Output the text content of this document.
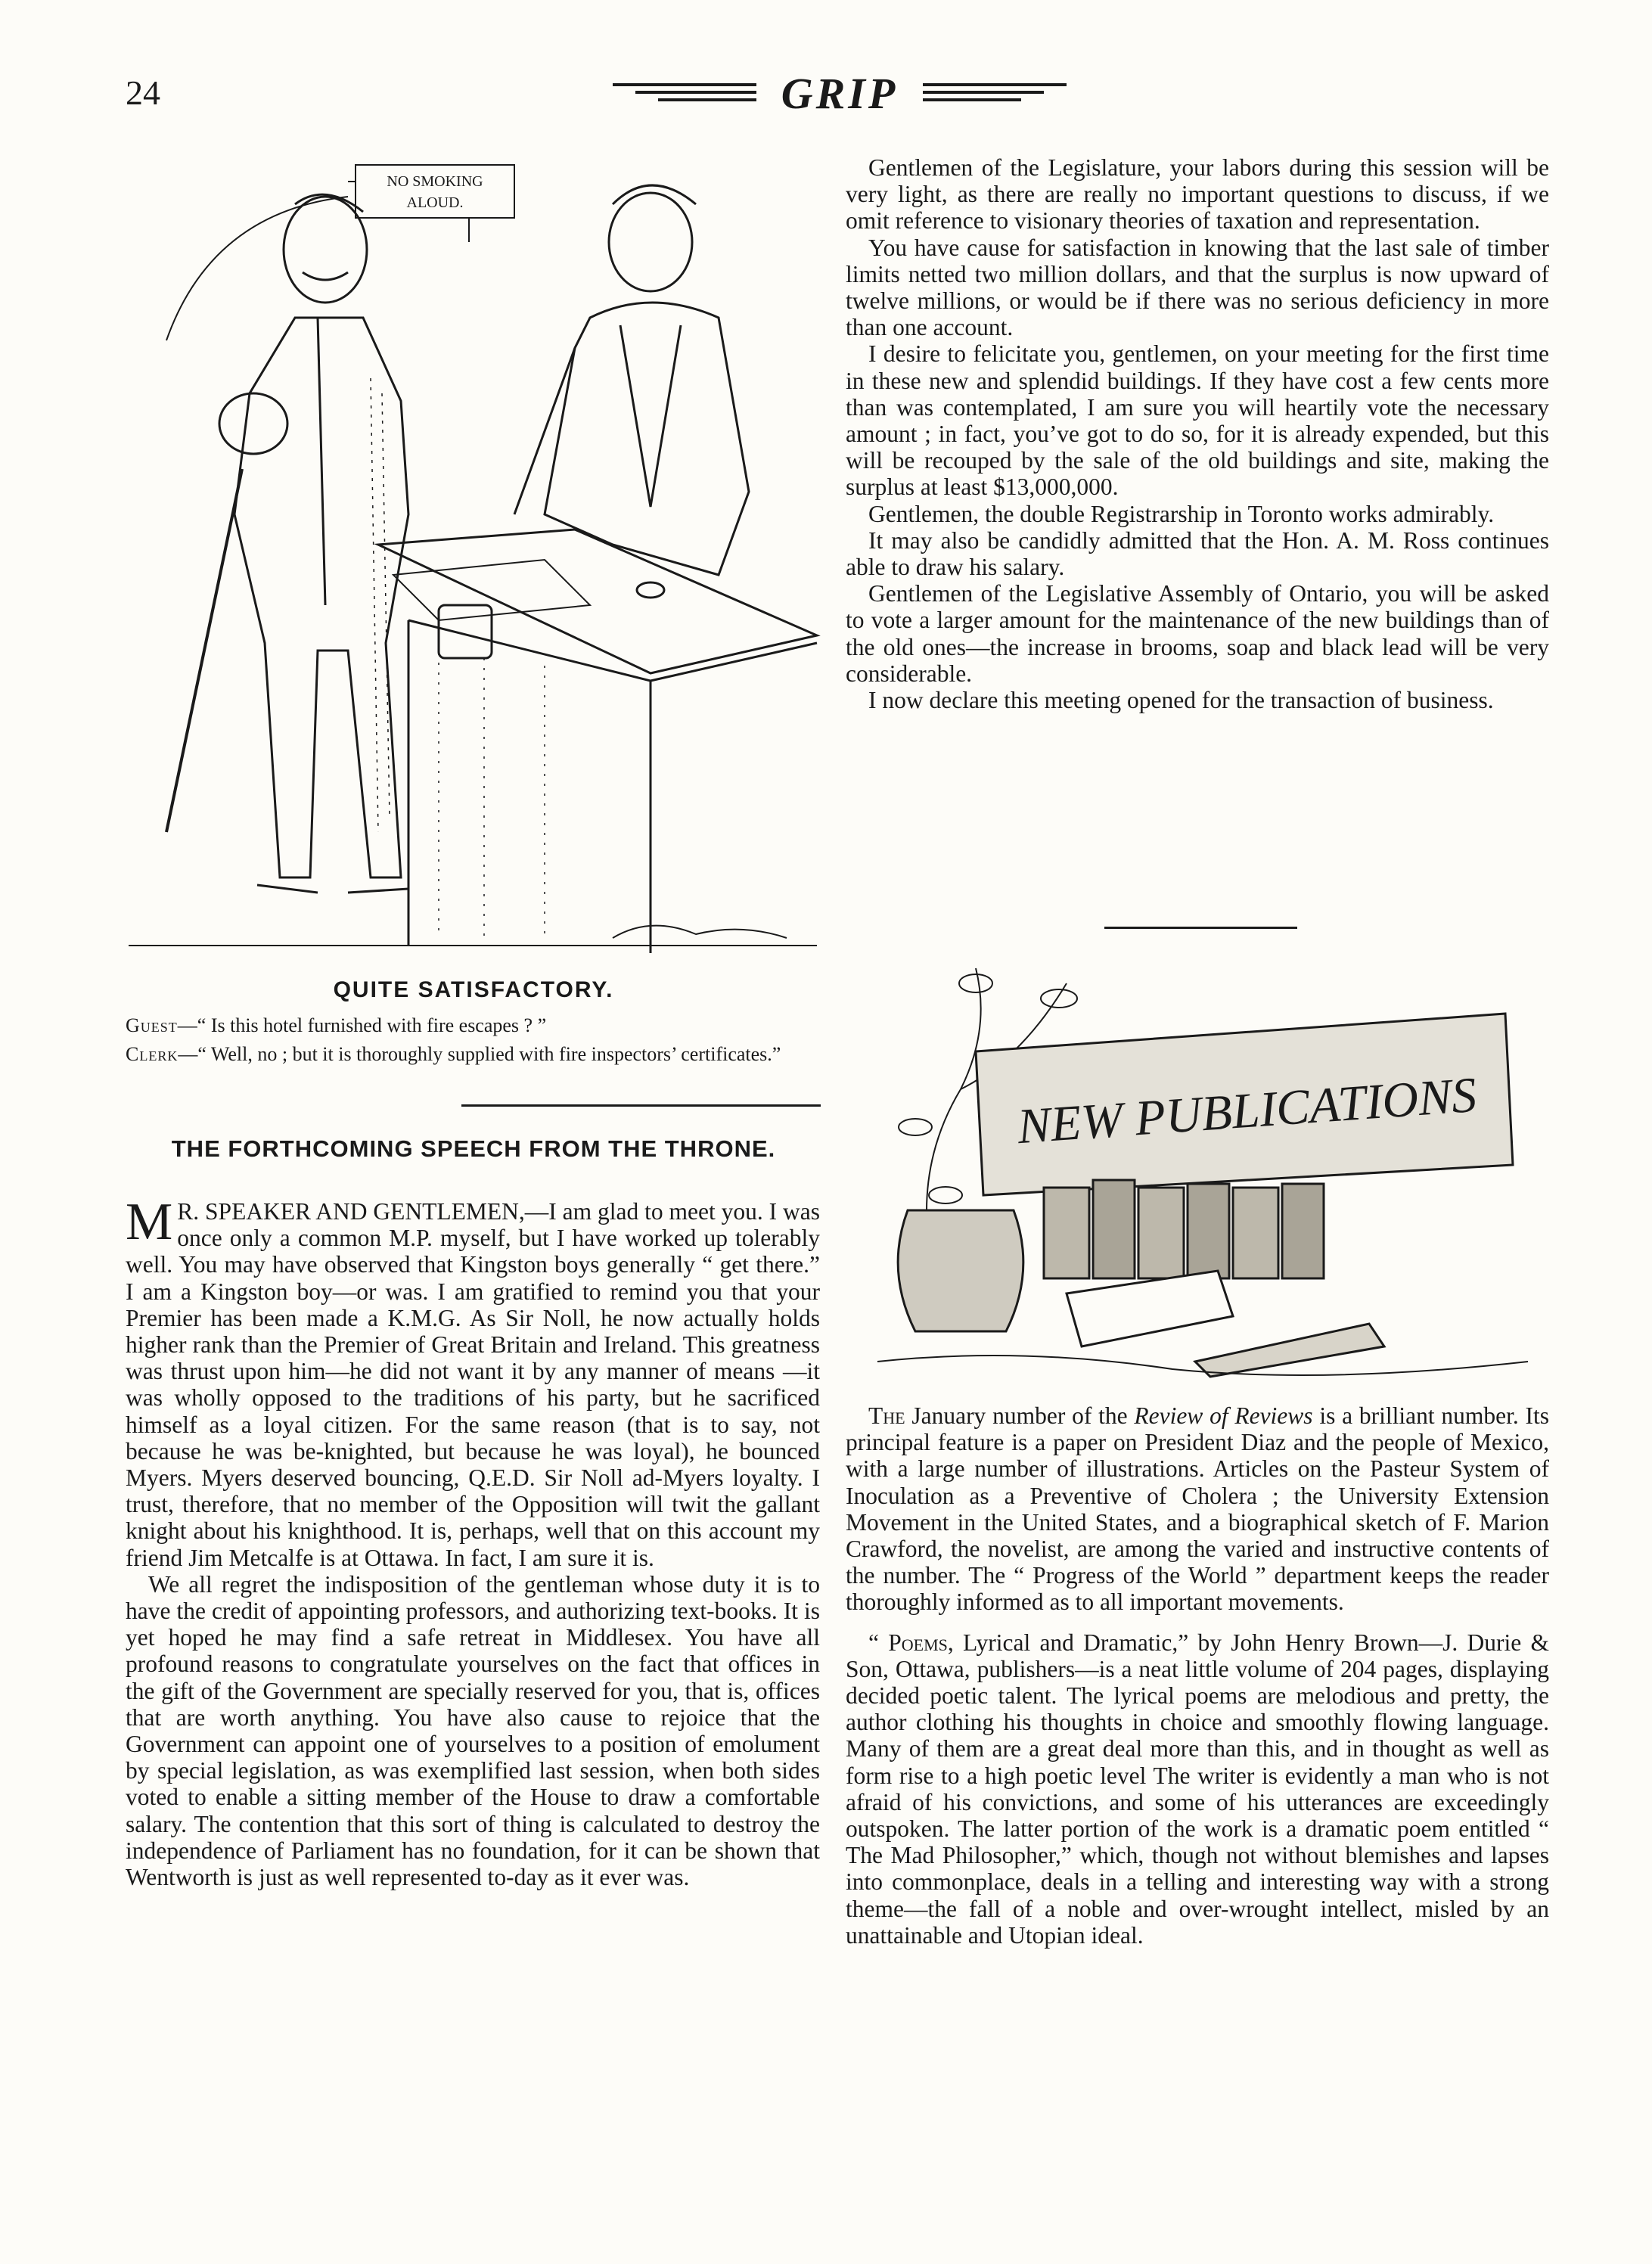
24	GRIP
NO SMOKING
ALOUD.
QUITE SATISFACTORY.
Guest—“ Is this hotel furnished with fire escapes ? ”
Clerk—“ Well, no ; but it is thoroughly supplied with fire inspectors’ certificates.”
THE FORTHCOMING SPEECH FROM THE THRONE.

M R. SPEAKER AND GENTLEMEN,—I am glad to meet you. I was once only a common M.P. myself, but I have worked up tolerably well. You may have observed that Kingston boys generally “ get there.” I am a Kingston boy—or was. I am gratified to remind you that your Premier has been made a K.M.G. As Sir Noll, he now actually holds higher rank than the Premier of Great Britain and Ireland. This greatness was thrust upon him—he did not want it by any manner of means —it was wholly opposed to the traditions of his party, but he sacrificed himself as a loyal citizen. For the same reason (that is to say, not because he was be-knighted, but because he was loyal), he bounced Myers. Myers deserved bouncing, Q.E.D. Sir Noll ad-Myers loyalty. I trust, therefore, that no member of the Opposition will twit the gallant knight about his knighthood. It is, perhaps, well that on this account my friend Jim Metcalfe is at Ottawa. In fact, I am sure it is.

We all regret the indisposition of the gentleman whose duty it is to have the credit of appointing professors, and authorizing text-books. It is yet hoped he may find a safe retreat in Middlesex. You have all profound reasons to congratulate yourselves on the fact that offices in the gift of the Government are specially reserved for you, that is, offices that are worth anything. You have also cause to rejoice that the Government can appoint one of yourselves to a position of emolument by special legislation, as was exemplified last session, when both sides voted to enable a sitting member of the House to draw a comfortable salary. The contention that this sort of thing is calculated to destroy the independence of Parliament has no foundation, for it can be shown that Wentworth is just as well represented to-day as it ever was.

Gentlemen of the Legislature, your labors during this session will be very light, as there are really no important questions to discuss, if we omit reference to visionary theories of taxation and representation.

You have cause for satisfaction in knowing that the last sale of timber limits netted two million dollars, and that the surplus is now upward of twelve millions, or would be if there was no serious deficiency in more than one account.

I desire to felicitate you, gentlemen, on your meeting for the first time in these new and splendid buildings. If they have cost a few cents more than was contemplated, I am sure you will heartily vote the necessary amount ; in fact, you’ve got to do so, for it is already expended, but this will be recouped by the sale of the old buildings and site, making the surplus at least $13,000,000.

Gentlemen, the double Registrarship in Toronto works admirably.

It may also be candidly admitted that the Hon. A. M. Ross continues able to draw his salary.

Gentlemen of the Legislative Assembly of Ontario, you will be asked to vote a larger amount for the maintenance of the new buildings than of the old ones—the increase in brooms, soap and black lead will be very considerable.

I now declare this meeting opened for the transaction of business.

NEW PUBLICATIONS

The January number of the Review of Reviews is a brilliant number. Its principal feature is a paper on President Diaz and the people of Mexico, with a large number of illustrations. Articles on the Pasteur System of Inoculation as a Preventive of Cholera ; the University Extension Movement in the United States, and a biographical sketch of F. Marion Crawford, the novelist, are among the varied and instructive contents of the number. The “ Progress of the World ” department keeps the reader thoroughly informed as to all important movements.

“ Poems, Lyrical and Dramatic,” by John Henry Brown—J. Durie & Son, Ottawa, publishers—is a neat little volume of 204 pages, displaying decided poetic talent. The lyrical poems are melodious and pretty, the author clothing his thoughts in choice and smoothly flowing language. Many of them are a great deal more than this, and in thought as well as form rise to a high poetic level The writer is evidently a man who is not afraid of his convictions, and some of his utterances are exceedingly outspoken. The latter portion of the work is a dramatic poem entitled “ The Mad Philosopher,” which, though not without blemishes and lapses into commonplace, deals in a telling and interesting way with a strong theme—the fall of a noble and over-wrought intellect, misled by an unattainable and Utopian ideal.
